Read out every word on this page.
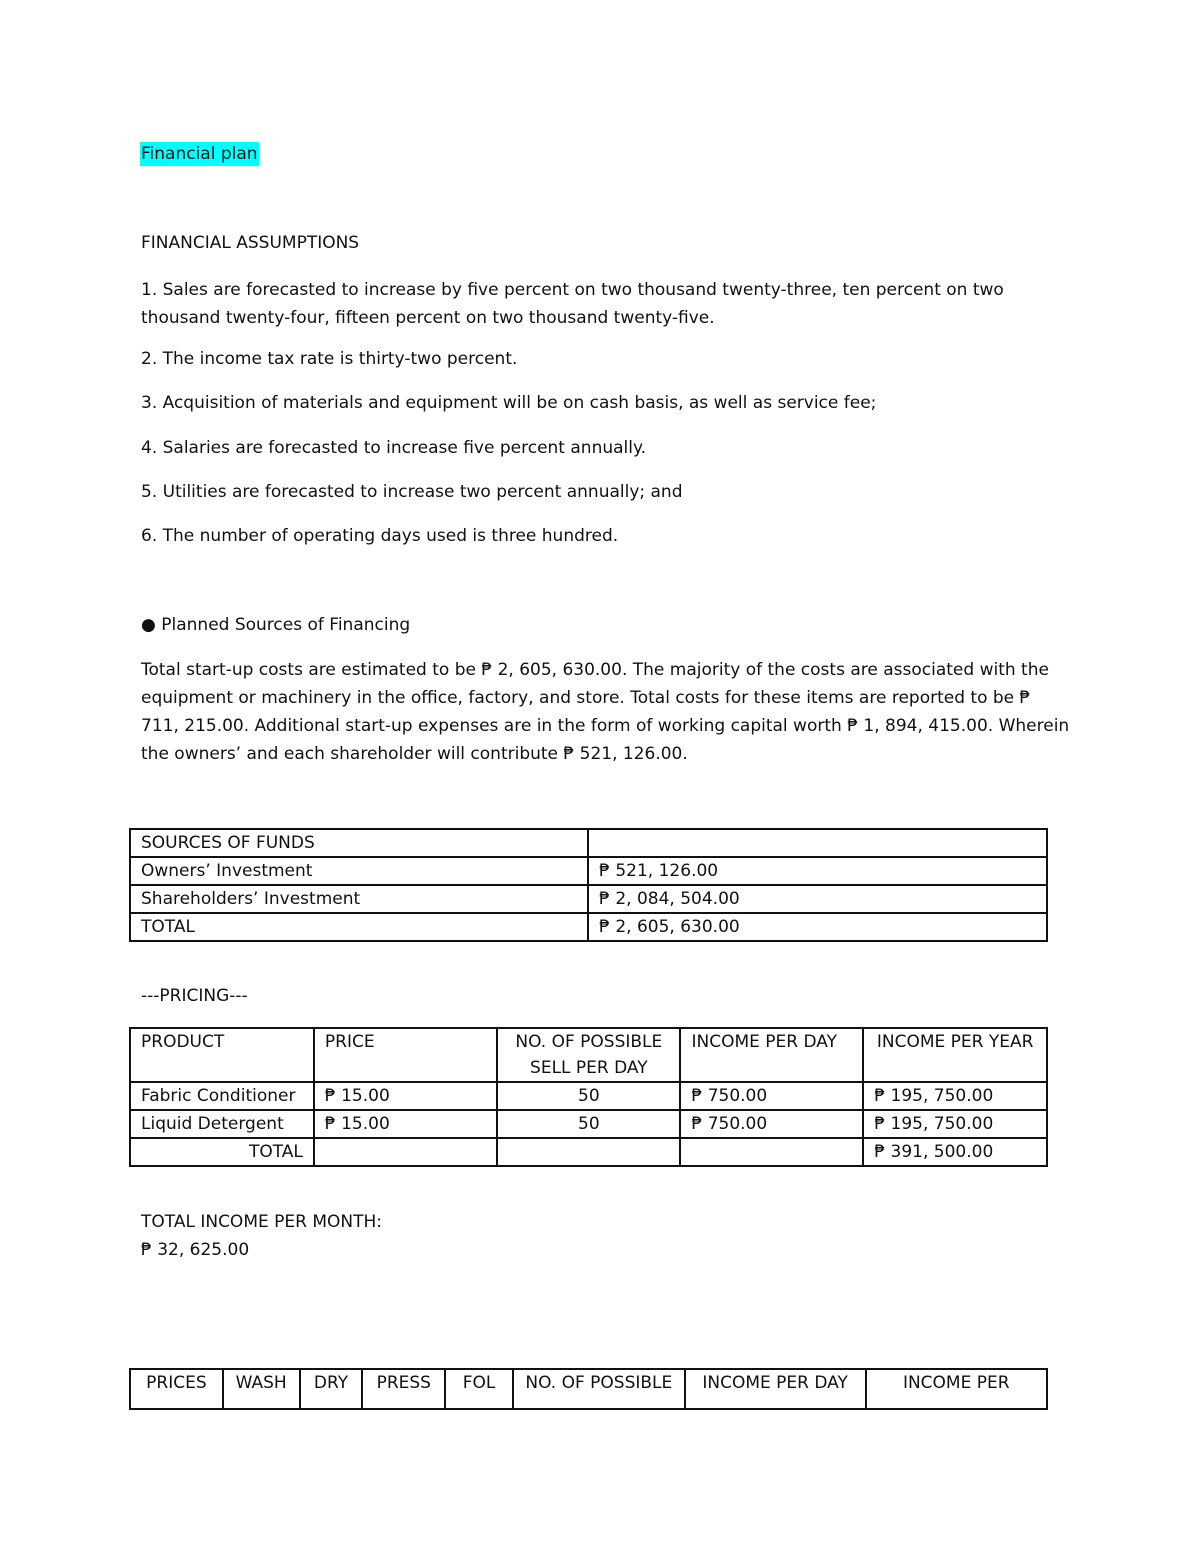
Financial plan
FINANCIAL ASSUMPTIONS

1. Sales are forecasted to increase by five percent on two thousand twenty-three, ten percent on two thousand twenty-four, fifteen percent on two thousand twenty-five.

2. The income tax rate is thirty-two percent.

3. Acquisition of materials and equipment will be on cash basis, as well as service fee;

4. Salaries are forecasted to increase five percent annually.

5. Utilities are forecasted to increase two percent annually; and

6. The number of operating days used is three hundred.

● Planned Sources of Financing

Total start-up costs are estimated to be ₱ 2, 605, 630.00. The majority of the costs are associated with the equipment or machinery in the office, factory, and store. Total costs for these items are reported to be ₱ 711, 215.00. Additional start-up expenses are in the form of working capital worth ₱ 1, 894, 415.00. Wherein the owners’ and each shareholder will contribute ₱ 521, 126.00.

SOURCES OF FUNDS	
Owners’ Investment	₱ 521, 126.00
Shareholders’ Investment	₱ 2, 084, 504.00
TOTAL	₱ 2, 605, 630.00
---PRICING---
PRODUCT	PRICE	NO. OF POSSIBLE SELL PER DAY	INCOME PER DAY	INCOME PER YEAR
Fabric Conditioner	₱ 15.00	50	₱ 750.00	₱ 195, 750.00
Liquid Detergent	₱ 15.00	50	₱ 750.00	₱ 195, 750.00
TOTAL				₱ 391, 500.00
TOTAL INCOME PER MONTH:
₱ 32, 625.00
PRICES	WASH	DRY	PRESS	FOL	NO. OF POSSIBLE	INCOME PER DAY	INCOME PER
